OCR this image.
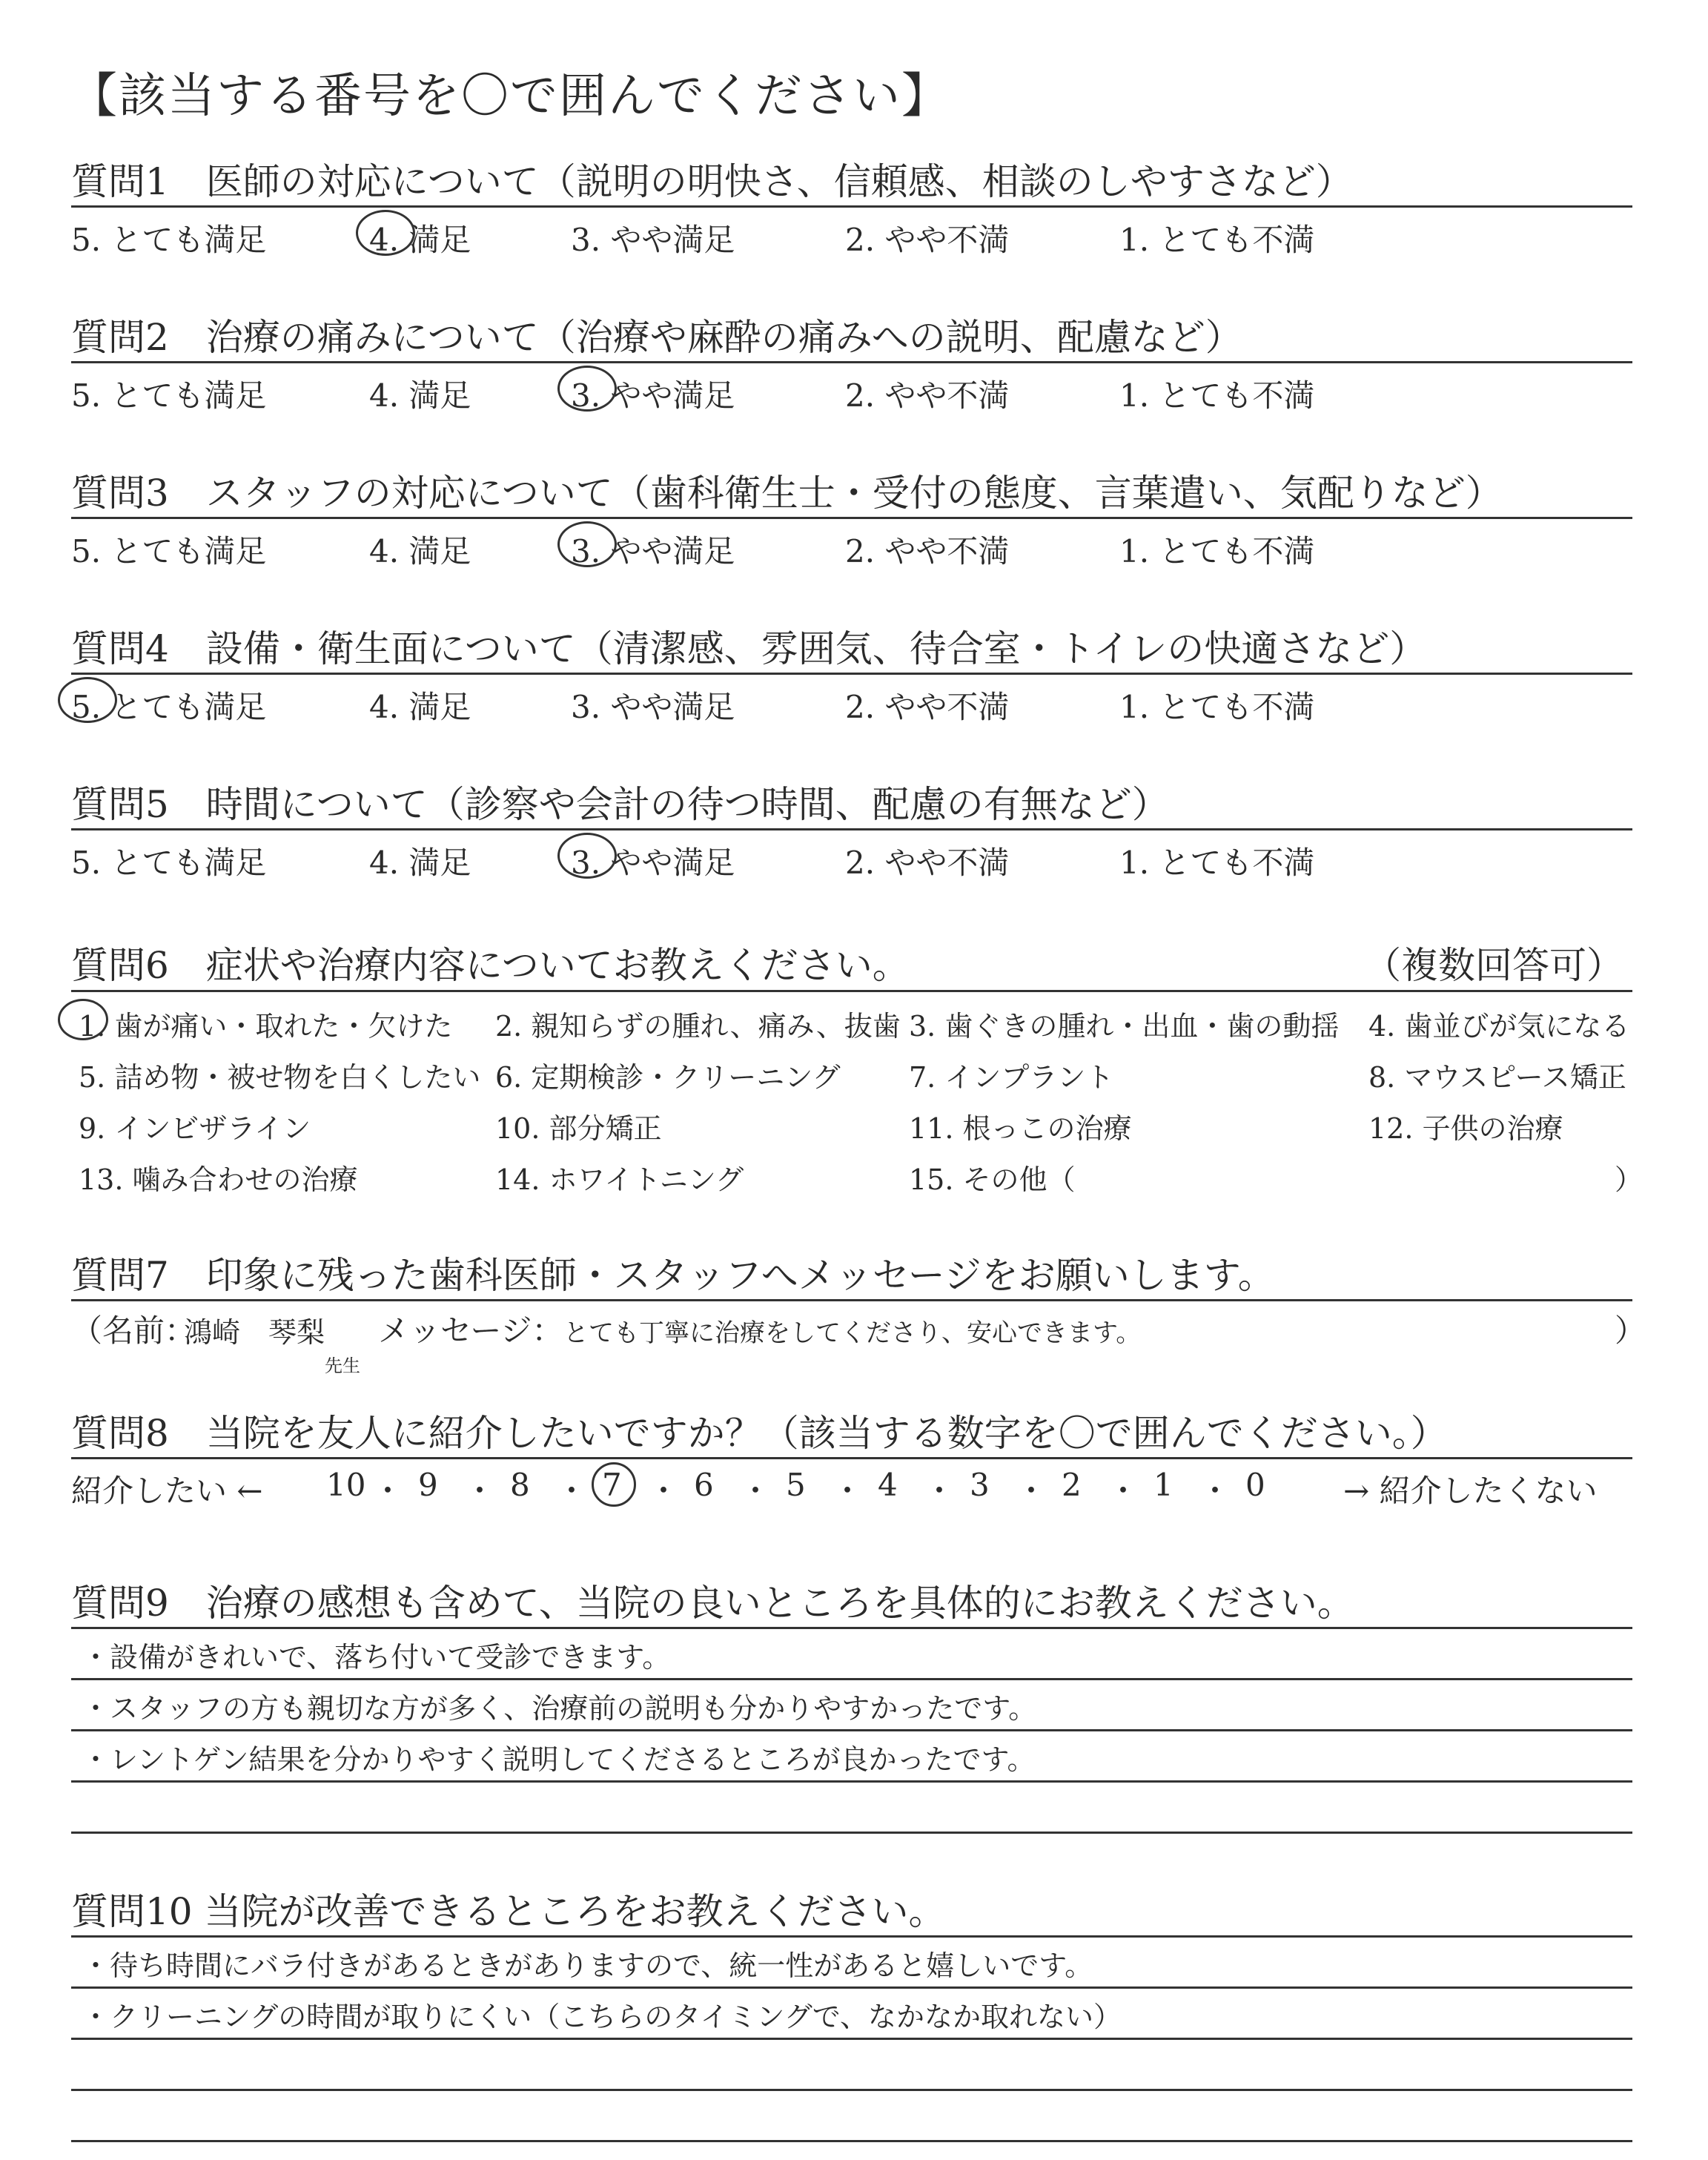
【該当する番号を〇で囲んでください】
質問1　医師の対応について（説明の明快さ、信頼感、相談のしやすさなど）
5. とても満足	4. 満足	3. やや満足	2. やや不満	1. とても不満
質問2　治療の痛みについて（治療や麻酔の痛みへの説明、配慮など）
5. とても満足	4. 満足	3. やや満足	2. やや不満	1. とても不満
質問3　スタッフの対応について（歯科衛生士・受付の態度、言葉遣い、気配りなど）
5. とても満足	4. 満足	3. やや満足	2. やや不満	1. とても不満
質問4　設備・衛生面について（清潔感、雰囲気、待合室・トイレの快適さなど）
5. とても満足	4. 満足	3. やや満足	2. やや不満	1. とても不満
質問5　時間について（診察や会計の待つ時間、配慮の有無など）
5. とても満足	4. 満足	3. やや満足	2. やや不満	1. とても不満
質問6　症状や治療内容についてお教えください。	（複数回答可）
1. 歯が痛い・取れた・欠けた 2. 親知らずの腫れ、痛み、抜歯 3. 歯ぐきの腫れ・出血・歯の動揺 4. 歯並びが気になる
5. 詰め物・被せ物を白くしたい 6. 定期検診・クリーニング 7. インプラント	8. マウスピース矯正
9. インビザライン	10. 部分矯正	11. 根っこの治療	12. 子供の治療
13. 噛み合わせの治療	14. ホワイトニング	15. その他（	）
質問7　印象に残った歯科医師・スタッフへメッセージをお願いします。
（名前：
鴻崎　琴梨
先生
メッセージ： とても丁寧に治療をしてくださり、安心できます。	）
質問8　当院を友人に紹介したいですか？（該当する数字を〇で囲んでください。）
紹介したい ←	→ 紹介したくない
10 ・ 9 ・ 8 ・ 7 ・ 6 ・ 5 ・ 4 ・ 3 ・ 2 ・ 1 ・ 0
質問9　治療の感想も含めて、当院の良いところを具体的にお教えください。
・設備がきれいで、落ち付いて受診できます。
・スタッフの方も親切な方が多く、治療前の説明も分かりやすかったです。
・レントゲン結果を分かりやすく説明してくださるところが良かったです。
質問10 当院が改善できるところをお教えください。
・待ち時間にバラ付きがあるときがありますので、統一性があると嬉しいです。
・クリーニングの時間が取りにくい（こちらのタイミングで、なかなか取れない）
